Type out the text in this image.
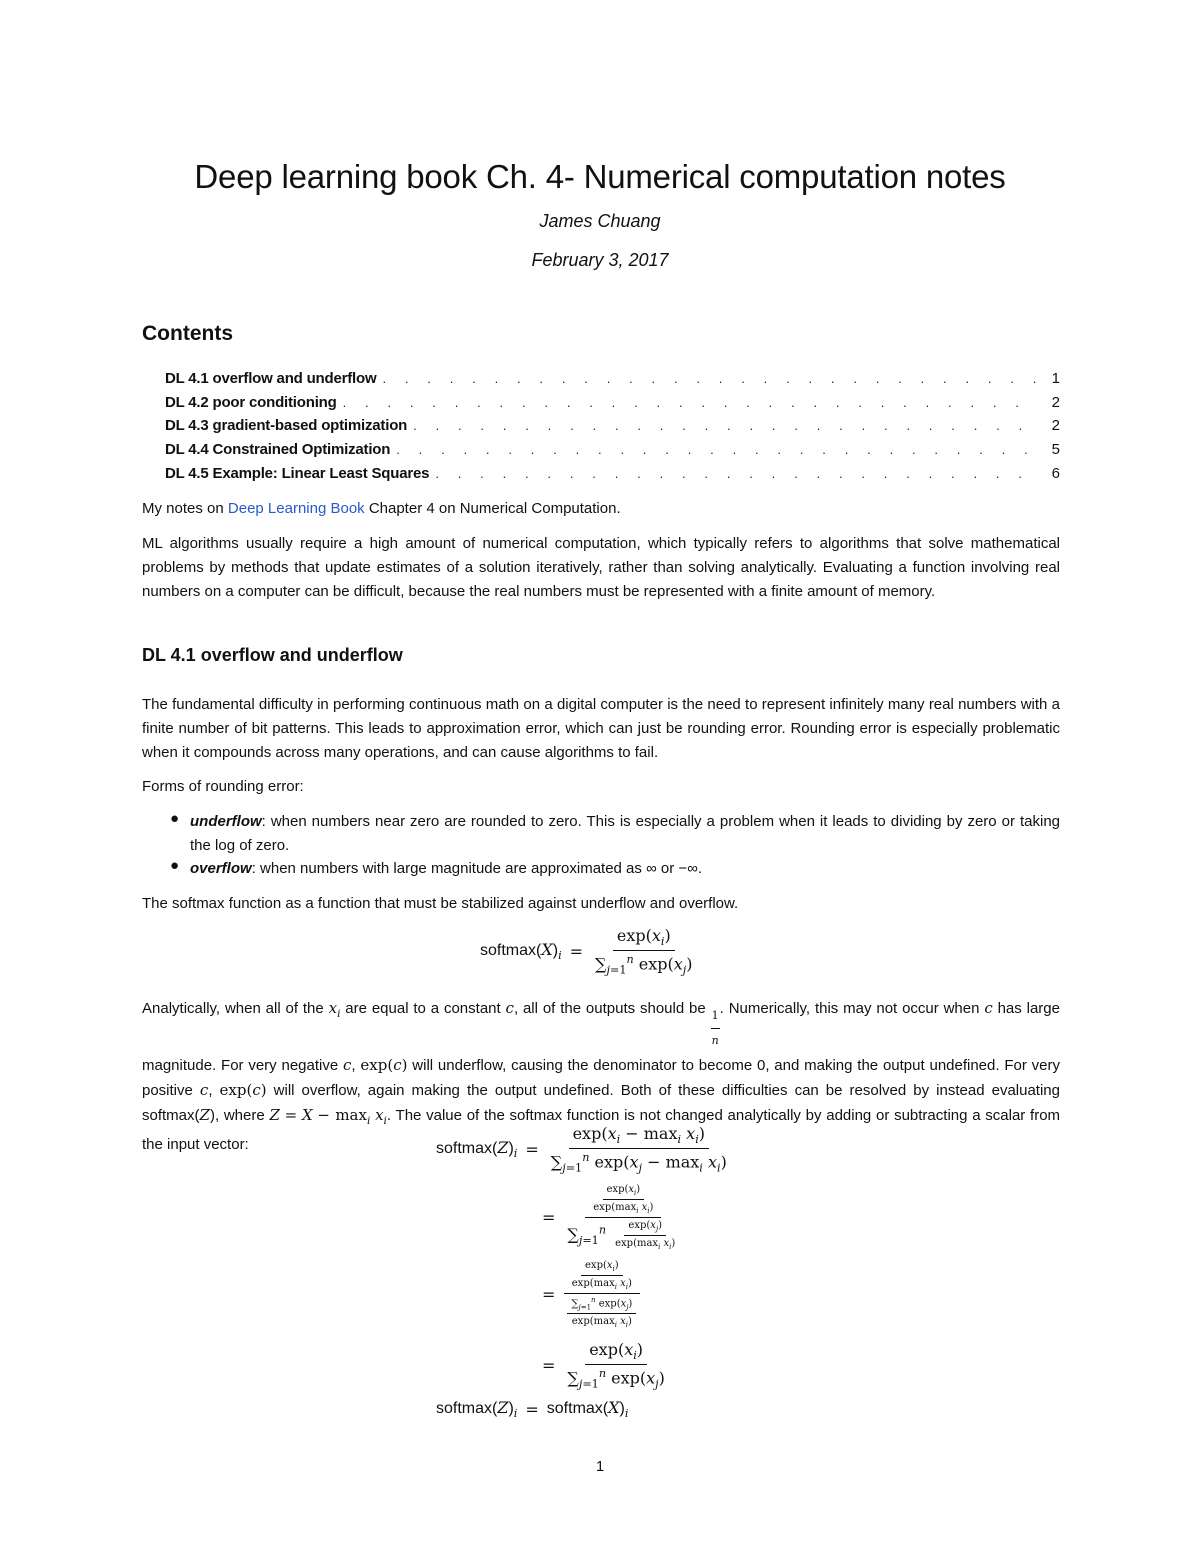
Deep learning book Ch. 4- Numerical computation notes
James Chuang
February 3, 2017
Contents
DL 4.1 overflow and underflow . . .	1
DL 4.2 poor conditioning . . .	2
DL 4.3 gradient-based optimization . . .	2
DL 4.4 Constrained Optimization . . .	5
DL 4.5 Example: Linear Least Squares . . .	6
My notes on Deep Learning Book Chapter 4 on Numerical Computation.
ML algorithms usually require a high amount of numerical computation, which typically refers to algorithms that solve mathematical problems by methods that update estimates of a solution iteratively, rather than solving analytically. Evaluating a function involving real numbers on a computer can be difficult, because the real numbers must be represented with a finite amount of memory.
DL 4.1 overflow and underflow
The fundamental difficulty in performing continuous math on a digital computer is the need to represent infinitely many real numbers with a finite number of bit patterns. This leads to approximation error, which can just be rounding error. Rounding error is especially problematic when it compounds across many operations, and can cause algorithms to fail.
Forms of rounding error:
● underflow: when numbers near zero are rounded to zero. This is especially a problem when it leads to dividing by zero or taking the log of zero.
● overflow: when numbers with large magnitude are approximated as ∞ or −∞.
The softmax function as a function that must be stabilized against underflow and overflow.
$softmax(X)_i = \frac{\exp(x_i)}{\sum_{j=1}^n \exp(x_j)}$
Analytically, when all of the $x_i$ are equal to a constant c, all of the outputs should be $\frac{1}{n}$ . Numerically, this may not occur when c has large magnitude. For very negative c, exp(c) will underflow, causing the denominator to become 0, and making the output undefined. For very positive c, exp(c) will overflow, again making the output undefined. Both of these difficulties can be resolved by instead evaluating softmax(Z), where $Z = X - \max_i x_i$. The value of the softmax function is not changed analytically by adding or subtracting a scalar from the input vector:	$softmax(Z)_i = \frac{\exp(x_i - \max_i x_i)}{\sum_{j=1}^n \exp(x_j - \max_i x_i)}$
= $\frac{\frac{\exp(x_i)}{\exp(\max_i x_i)}}{\sum_{j=1}^n \frac{\exp(x_j)}{\exp(\max_i x_i)}}$
= $\frac{\frac{\exp(x_i)}{\exp(\max_i x_i)}}{\frac{\sum_{j=1}^n \exp(x_j)}{\exp(\max_i x_i)}}$
= $\frac{\exp(x_i)}{\sum_{j=1}^n \exp(x_j)}$
$softmax(Z)_i$ = $softmax(X)_i$
1
